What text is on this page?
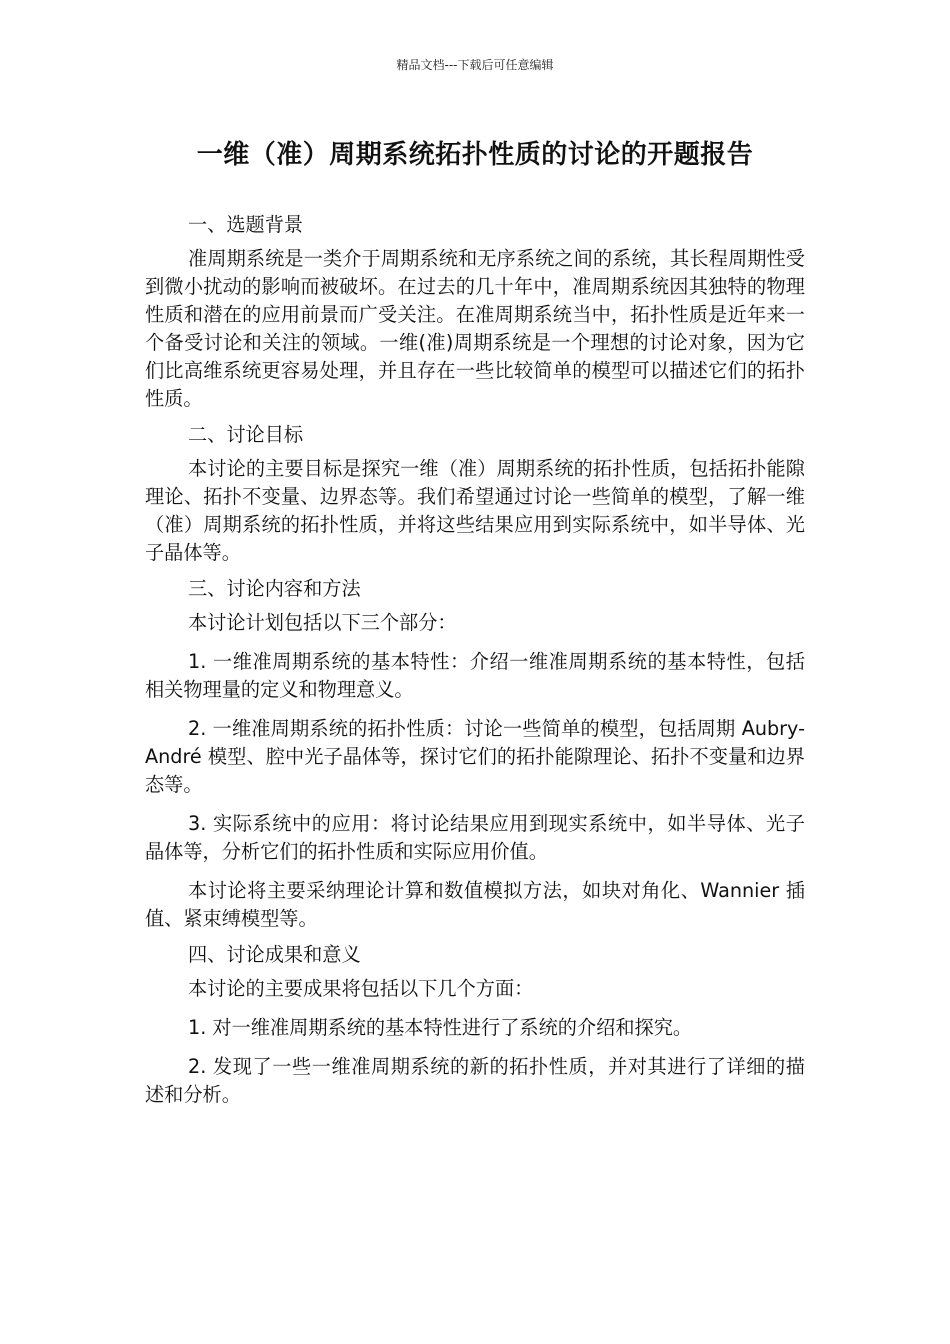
精品文档---下载后可任意编辑
一维（准）周期系统拓扑性质的讨论的开题报告

一、选题背景

准周期系统是一类介于周期系统和无序系统之间的系统，其长程周期性受到微小扰动的影响而被破坏。在过去的几十年中，准周期系统因其独特的物理性质和潜在的应用前景而广受关注。在准周期系统当中，拓扑性质是近年来一个备受讨论和关注的领域。一维(准)周期系统是一个理想的讨论对象，因为它们比高维系统更容易处理，并且存在一些比较简单的模型可以描述它们的拓扑性质。

二、讨论目标

本讨论的主要目标是探究一维（准）周期系统的拓扑性质，包括拓扑能隙理论、拓扑不变量、边界态等。我们希望通过讨论一些简单的模型，了解一维（准）周期系统的拓扑性质，并将这些结果应用到实际系统中，如半导体、光子晶体等。

三、讨论内容和方法

本讨论计划包括以下三个部分：

1. 一维准周期系统的基本特性：介绍一维准周期系统的基本特性，包括相关物理量的定义和物理意义。

2. 一维准周期系统的拓扑性质：讨论一些简单的模型，包括周期 Aubry-André 模型、腔中光子晶体等，探讨它们的拓扑能隙理论、拓扑不变量和边界态等。

3. 实际系统中的应用：将讨论结果应用到现实系统中，如半导体、光子晶体等，分析它们的拓扑性质和实际应用价值。

本讨论将主要采纳理论计算和数值模拟方法，如块对角化、Wannier 插值、紧束缚模型等。

四、讨论成果和意义

本讨论的主要成果将包括以下几个方面：

1. 对一维准周期系统的基本特性进行了系统的介绍和探究。

2. 发现了一些一维准周期系统的新的拓扑性质，并对其进行了详细的描述和分析。
